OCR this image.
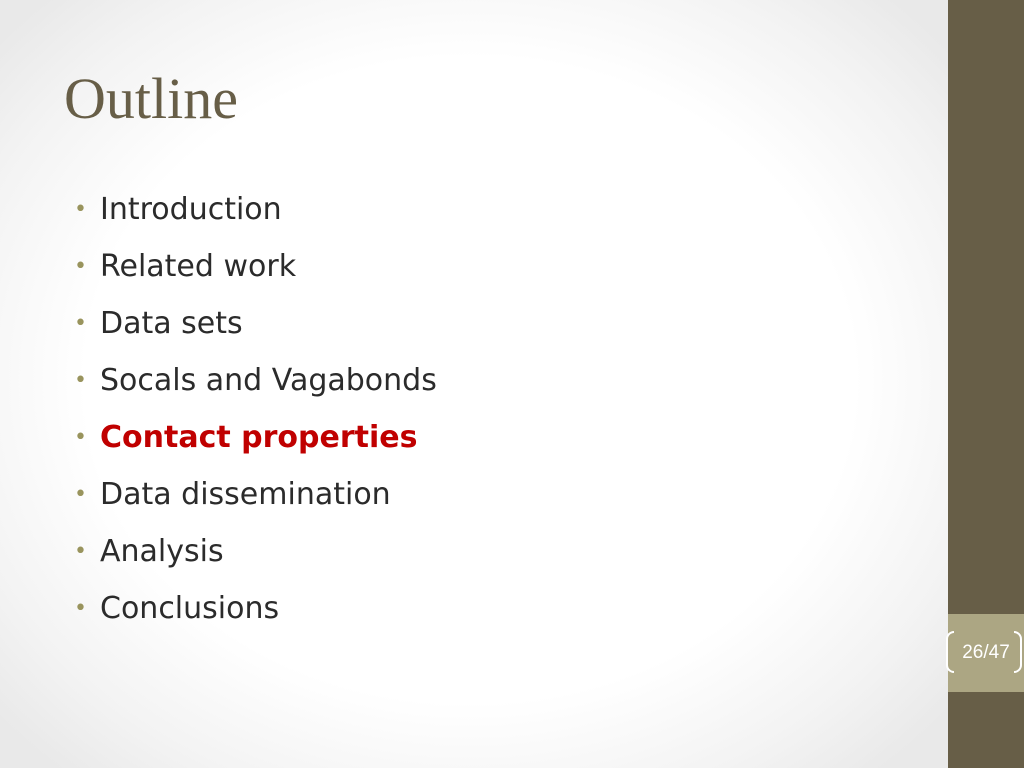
Outline
• Introduction
• Related work
• Data sets
• Socals and Vagabonds
• Contact properties
• Data dissemination
• Analysis
• Conclusions
26/47
